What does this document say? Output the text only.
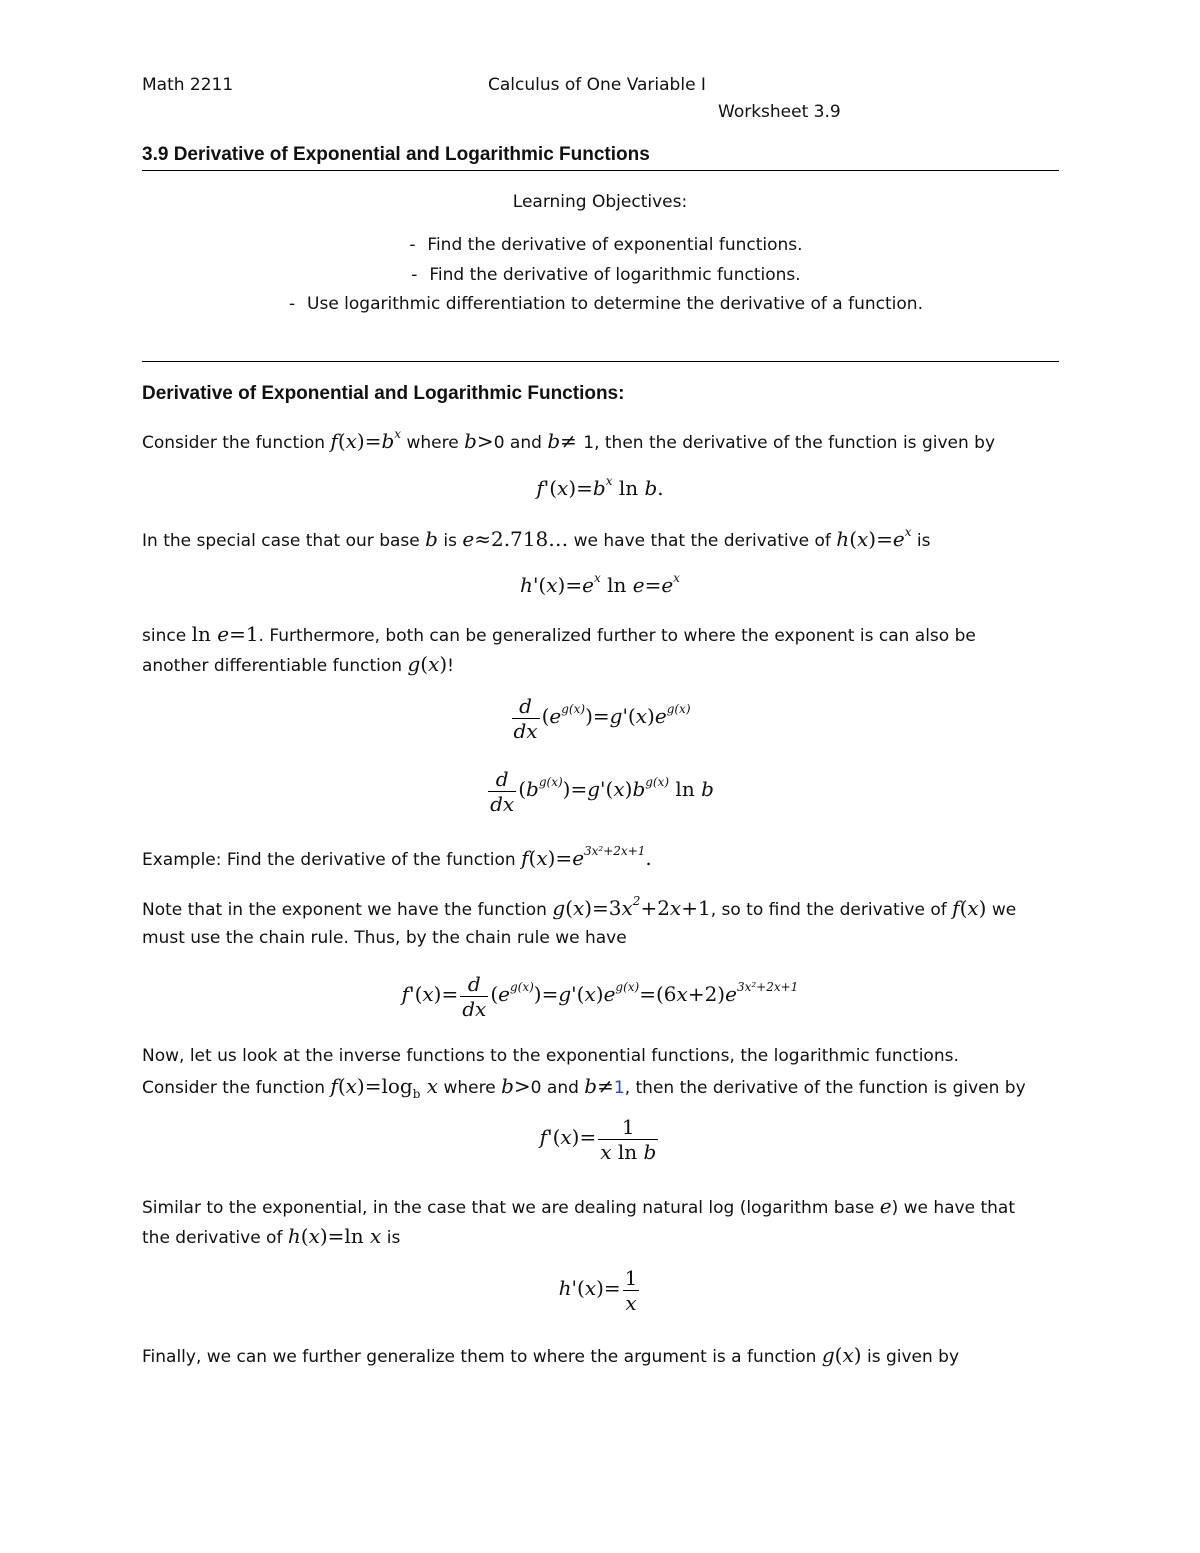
Math 2211	Calculus of One Variable I
Worksheet 3.9
3.9 Derivative of Exponential and Logarithmic Functions
Learning Objectives:
- Find the derivative of exponential functions.
- Find the derivative of logarithmic functions.
- Use logarithmic differentiation to determine the derivative of a function.
Derivative of Exponential and Logarithmic Functions:
Consider the function $f(x)=b^x$ where b>0 and b≠ 1, then the derivative of the function is given by
$f'(x)=b^x$ ln b.
In the special case that our base b is e≈2.718… we have that the derivative of $h(x)=e^x$ is
$h'(x)=e^x$ $\ln e=e^x$
since ln e=1. Furthermore, both can be generalized further to where the exponent is can also be
another differentiable function g(x)!
$\frac{d}{dx} (e^{g(x)})=g'(x)e^{g(x)}$
$\frac{d}{dx} (b^{g(x)})=g'(x)b^{g(x)}$ ln b
Example: Find the derivative of the function $f(x)=e^{3x^2+2x+1}$.
Note that in the exponent we have the function $g(x)=3x^2+2x+1$, so to find the derivative of f(x) we
must use the chain rule. Thus, by the chain rule we have
$f'(x)= \frac{d}{dx} (e^{g(x)})=g'(x)e^{g(x)}=(6x+2)e^{3x^2+2x+1}$
Now, let us look at the inverse functions to the exponential functions, the logarithmic functions.
Consider the function $f(x)=\log_b$ x where b>0 and b≠1, then the derivative of the function is given by
$f'(x)= \frac{1}{\text{x ln b}}$
Similar to the exponential, in the case that we are dealing natural log (logarithm base e) we have that
the derivative of h(x)=ln x is
$h'(x)= \frac{1}{x}$
Finally, we can we further generalize them to where the argument is a function g(x) is given by
